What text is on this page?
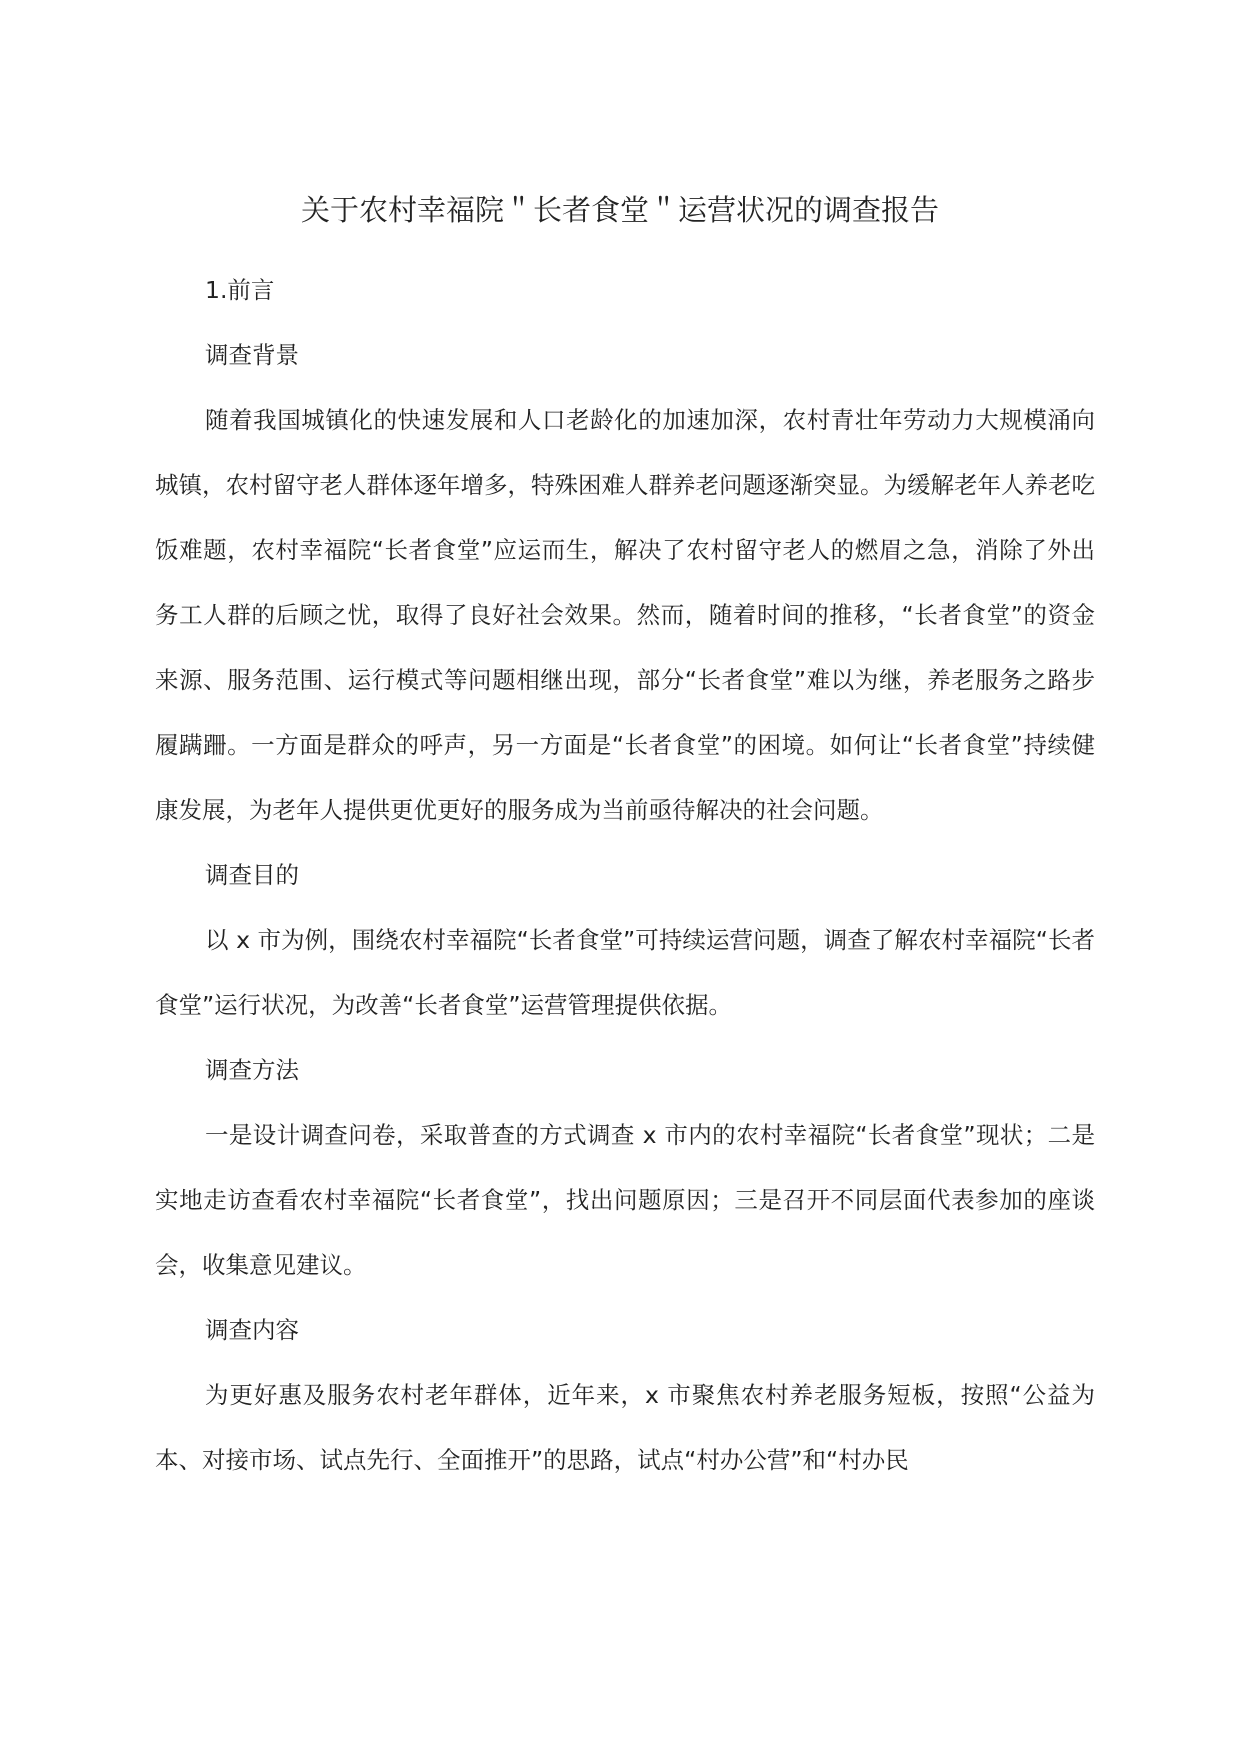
关于农村幸福院＂长者食堂＂运营状况的调查报告

1.前言

调查背景

随着我国城镇化的快速发展和人口老龄化的加速加深，农村青壮年劳动力大规模涌向城镇，农村留守老人群体逐年增多，特殊困难人群养老问题逐渐突显。为缓解老年人养老吃饭难题，农村幸福院“长者食堂”应运而生，解决了农村留守老人的燃眉之急，消除了外出务工人群的后顾之忧，取得了良好社会效果。然而，随着时间的推移，“长者食堂”的资金来源、服务范围、运行模式等问题相继出现，部分“长者食堂”难以为继，养老服务之路步履蹒跚。一方面是群众的呼声，另一方面是“长者食堂”的困境。如何让“长者食堂”持续健康发展，为老年人提供更优更好的服务成为当前亟待解决的社会问题。

调查目的

以 x 市为例，围绕农村幸福院“长者食堂”可持续运营问题，调查了解农村幸福院“长者食堂”运行状况，为改善“长者食堂”运营管理提供依据。

调查方法

一是设计调查问卷，采取普查的方式调查 x 市内的农村幸福院“长者食堂”现状；二是实地走访查看农村幸福院“长者食堂”，找出问题原因；三是召开不同层面代表参加的座谈会，收集意见建议。

调查内容

为更好惠及服务农村老年群体，近年来，x 市聚焦农村养老服务短板，按照“公益为本、对接市场、试点先行、全面推开”的思路，试点“村办公营”和“村办民
